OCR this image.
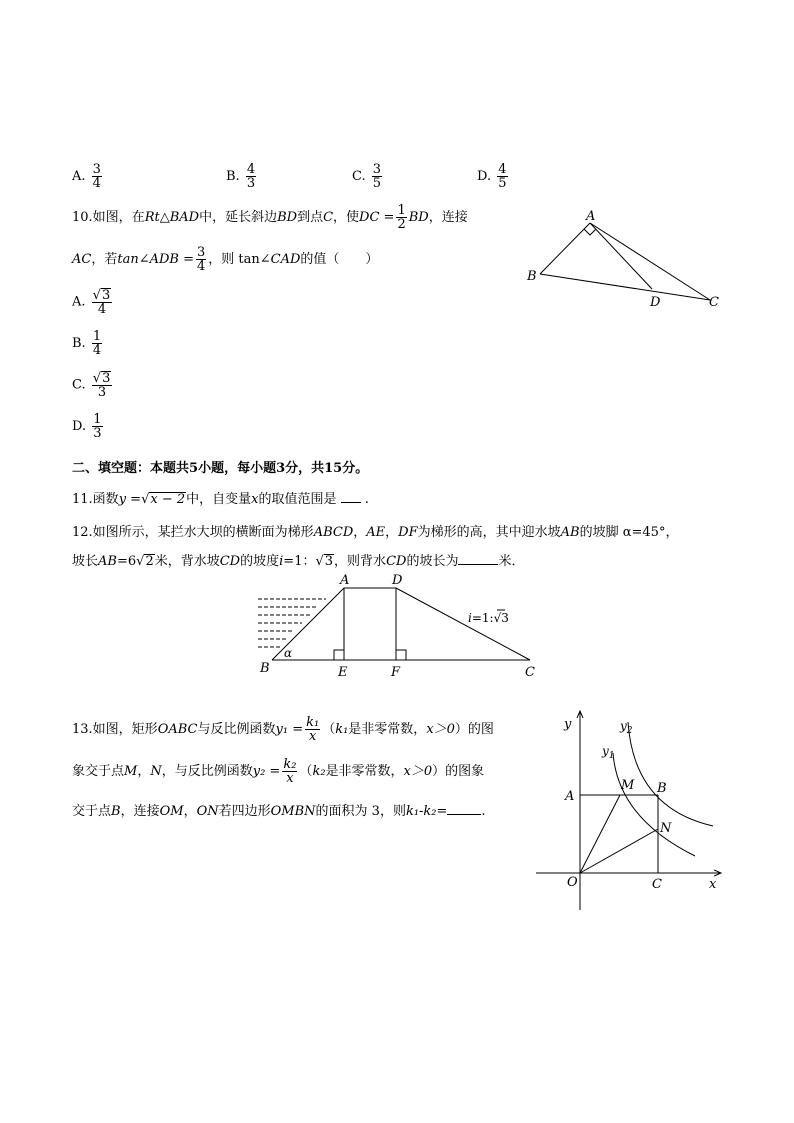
A. $\frac{3}{4}$	B. $\frac{4}{3}$	C. $\frac{3}{5}$	D. $\frac{4}{5}$
10.如图，在Rt△BAD中，延长斜边BD到点C，使DC = $\frac{1}{2}$ BD，连接
AC，若tan∠ADB = $\frac{3}{4}$ ，则 tan∠CAD的值（　　）
A. $\frac{√3}{4}$
B. $\frac{1}{4}$
C. $\frac{√3}{3}$
D. $\frac{1}{3}$
A
B
D	C
二、填空题：本题共5小题，每小题3分，共15分。
11.函数y =√x − 2中，自变量x的取值范围是 .
12.如图所示，某拦水大坝的横断面为梯形ABCD，AE，DF为梯形的高，其中迎水坡AB的坡脚 α=45°，
坡长AB=6√2米，背水坡CD的坡度i=1：√3，则背水CD的坡长为	米．
A	D
B	E	F	C
α
i=1:√3
13.如图，矩形OABC与反比例函数$y_1 = \frac{\text{k₁}}{x} (k_1$是非零常数，x＞0）的图
象交于点M，N，与反比例函数$y_2 = \frac{\text{k₂}}{x} (k_2$是非零常数，x＞0）的图象
交于点B，连接OM，ON若四边形OMBN的面积为 3，则k₁-k₂=	.
y	$y_2$
$y_1$
A
M B
N
O	C	x
